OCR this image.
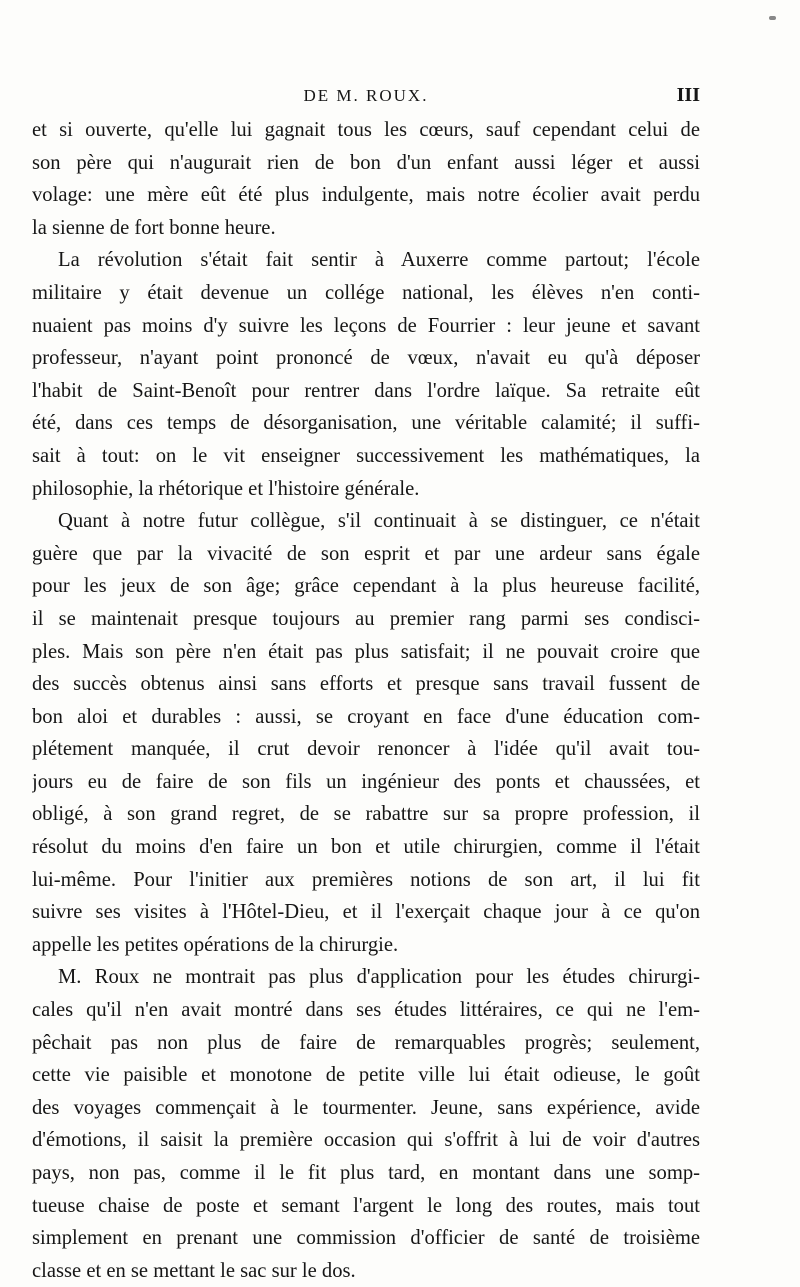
DE M. ROUX.	III
et si ouverte, qu'elle lui gagnait tous les cœurs, sauf cependant celui de
son père qui n'augurait rien de bon d'un enfant aussi léger et aussi
volage: une mère eût été plus indulgente, mais notre écolier avait perdu
la sienne de fort bonne heure.
La révolution s'était fait sentir à Auxerre comme partout; l'école
militaire y était devenue un collége national, les élèves n'en conti-
nuaient pas moins d'y suivre les leçons de Fourrier : leur jeune et savant
professeur, n'ayant point prononcé de vœux, n'avait eu qu'à déposer
l'habit de Saint-Benoît pour rentrer dans l'ordre laïque. Sa retraite eût
été, dans ces temps de désorganisation, une véritable calamité; il suffi-
sait à tout: on le vit enseigner successivement les mathématiques, la
philosophie, la rhétorique et l'histoire générale.
Quant à notre futur collègue, s'il continuait à se distinguer, ce n'était
guère que par la vivacité de son esprit et par une ardeur sans égale
pour les jeux de son âge; grâce cependant à la plus heureuse facilité,
il se maintenait presque toujours au premier rang parmi ses condisci-
ples. Mais son père n'en était pas plus satisfait; il ne pouvait croire que
des succès obtenus ainsi sans efforts et presque sans travail fussent de
bon aloi et durables : aussi, se croyant en face d'une éducation com-
plétement manquée, il crut devoir renoncer à l'idée qu'il avait tou-
jours eu de faire de son fils un ingénieur des ponts et chaussées, et
obligé, à son grand regret, de se rabattre sur sa propre profession, il
résolut du moins d'en faire un bon et utile chirurgien, comme il l'était
lui-même. Pour l'initier aux premières notions de son art, il lui fit
suivre ses visites à l'Hôtel-Dieu, et il l'exerçait chaque jour à ce qu'on
appelle les petites opérations de la chirurgie.
M. Roux ne montrait pas plus d'application pour les études chirurgi-
cales qu'il n'en avait montré dans ses études littéraires, ce qui ne l'em-
pêchait pas non plus de faire de remarquables progrès; seulement,
cette vie paisible et monotone de petite ville lui était odieuse, le goût
des voyages commençait à le tourmenter. Jeune, sans expérience, avide
d'émotions, il saisit la première occasion qui s'offrit à lui de voir d'autres
pays, non pas, comme il le fit plus tard, en montant dans une somp-
tueuse chaise de poste et semant l'argent le long des routes, mais tout
simplement en prenant une commission d'officier de santé de troisième
classe et en se mettant le sac sur le dos.
